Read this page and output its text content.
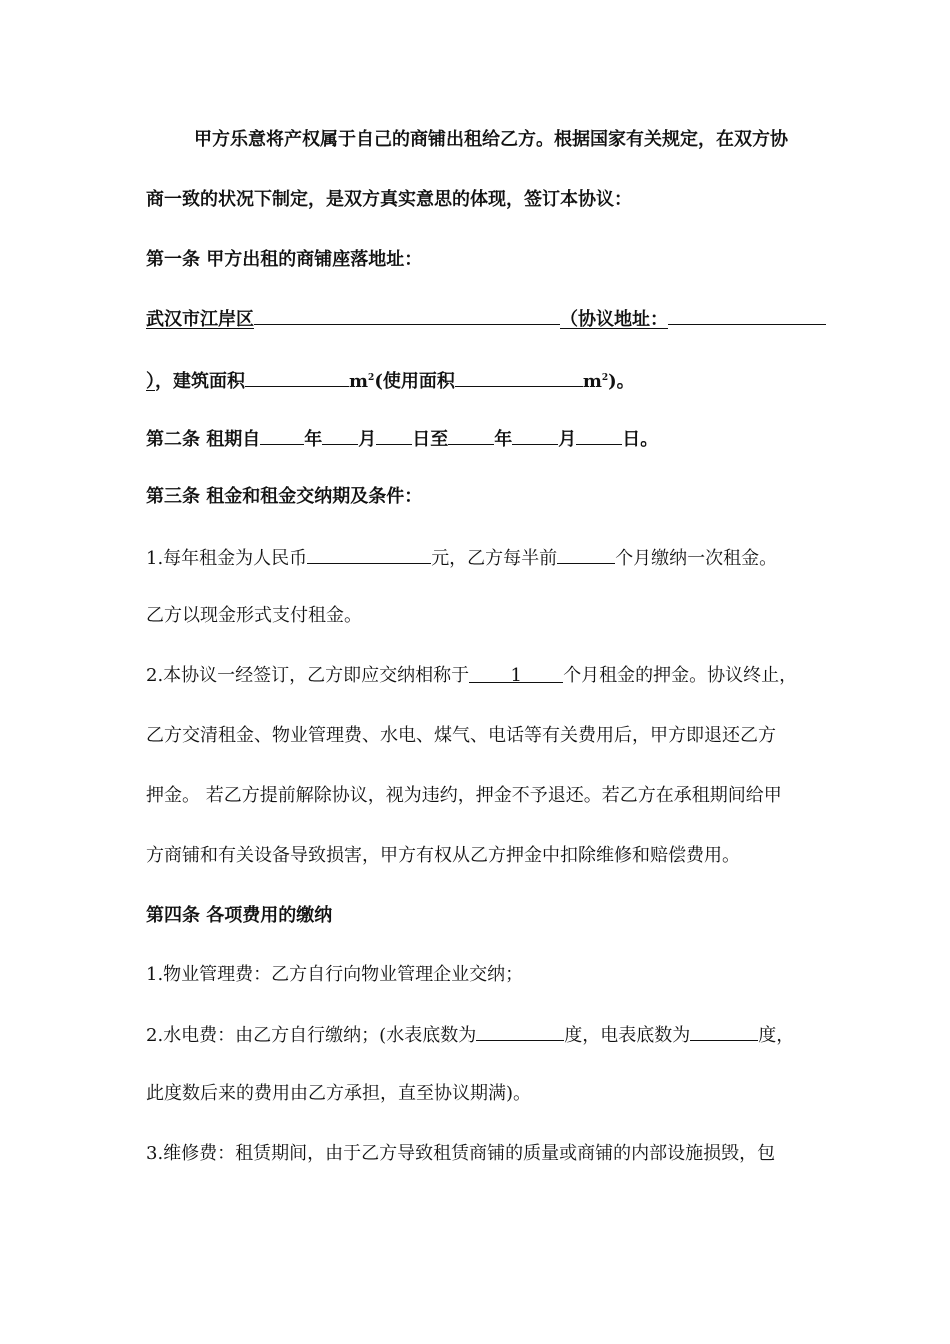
甲方乐意将产权属于自己的商铺出租给乙方。根据国家有关规定，在双方协
商一致的状况下制定，是双方真实意思的体现，签订本协议：
第一条 甲方出租的商铺座落地址：
武汉市江岸区	（协议地址：
），建筑面积	$m^2$(使用面积	$m^2$)。
第二条 租期自 年 月 日至	年	月	日。
第三条 租金和租金交纳期及条件：
1.每年租金为人民币	元，乙方每半前	个月缴纳一次租金。
乙方以现金形式支付租金。
2.本协议一经签订，乙方即应交纳相称于 1 个月租金的押金。协议终止，
乙方交清租金、物业管理费、水电、煤气、电话等有关费用后，甲方即退还乙方
押金。 若乙方提前解除协议，视为违约，押金不予退还。若乙方在承租期间给甲
方商铺和有关设备导致损害，甲方有权从乙方押金中扣除维修和赔偿费用。
第四条 各项费用的缴纳
1.物业管理费：乙方自行向物业管理企业交纳；
2.水电费：由乙方自行缴纳；(水表底数为	度，电表底数为	度，
此度数后来的费用由乙方承担，直至协议期满)。
3.维修费：租赁期间，由于乙方导致租赁商铺的质量或商铺的内部设施损毁，包
